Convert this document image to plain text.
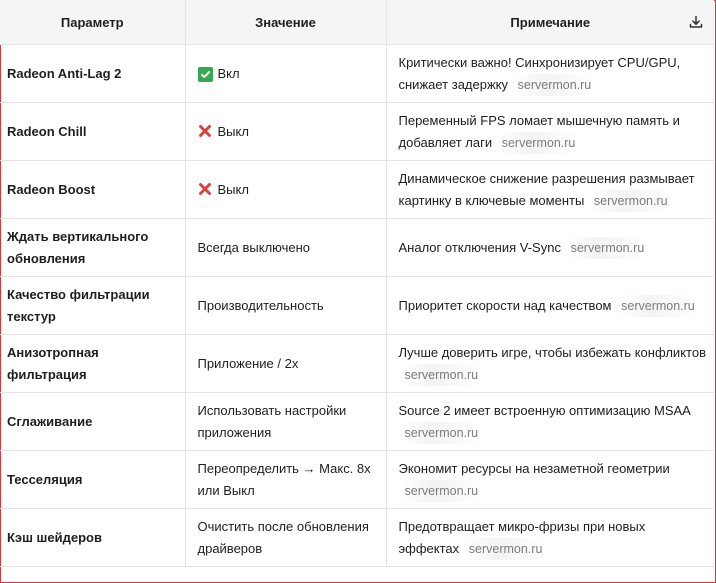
Параметр	Значение	Примечание

Radeon Anti-Lag 2	Вкл	Критически важно! Синхронизирует CPU/GPU, снижает задержку servermon.ru
Radeon Chill	Выкл	Переменный FPS ломает мышечную память и добавляет лаги servermon.ru
Radeon Boost	Выкл	Динамическое снижение разрешения размывает картинку в ключевые моменты servermon.ru
Ждать вертикального обновления	Всегда выключено	Аналог отключения V-Sync servermon.ru
Качество фильтрации текстур	Производительность	Приоритет скорости над качеством servermon.ru
Анизотропная фильтрация	Приложение / 2x	Лучше доверить игре, чтобы избежать конфликтов servermon.ru
Сглаживание	Использовать настройки приложения	Source 2 имеет встроенную оптимизацию MSAA servermon.ru
Тесселяция	Переопределить → Макс. 8x или Выкл	Экономит ресурсы на незаметной геометрии servermon.ru
Кэш шейдеров	Очистить после обновления драйверов	Предотвращает микро-фризы при новых эффектах servermon.ru
